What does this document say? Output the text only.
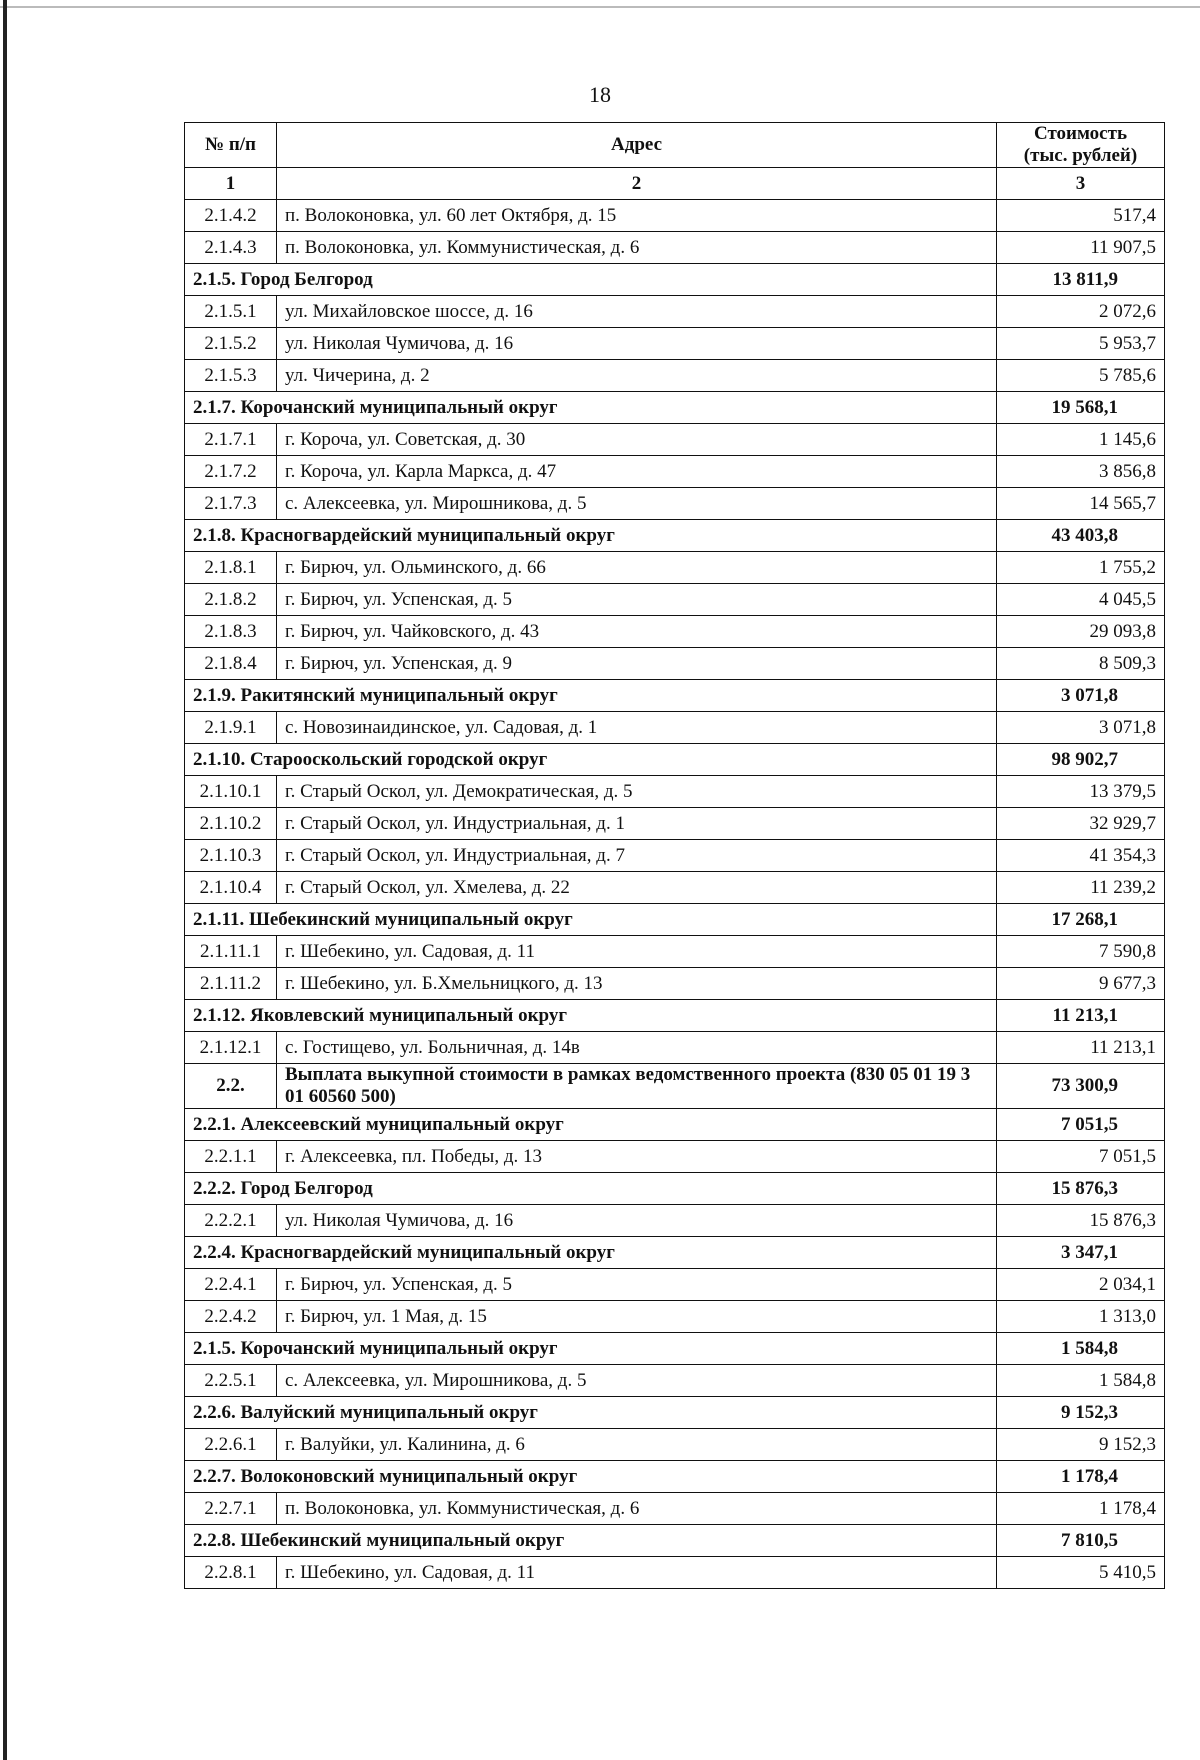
18
№ п/п	Адрес	Стоимость
(тыс. рублей)
1	2	3
2.1.4.2	п. Волоконовка, ул. 60 лет Октября, д. 15	517,4
2.1.4.3	п. Волоконовка, ул. Коммунистическая, д. 6	11 907,5
2.1.5. Город Белгород		13 811,9
2.1.5.1	ул. Михайловское шоссе, д. 16	2 072,6
2.1.5.2	ул. Николая Чумичова, д. 16	5 953,7
2.1.5.3	ул. Чичерина, д. 2	5 785,6
2.1.7. Корочанский муниципальный округ		19 568,1
2.1.7.1	г. Короча, ул. Советская, д. 30	1 145,6
2.1.7.2	г. Короча, ул. Карла Маркса, д. 47	3 856,8
2.1.7.3	с. Алексеевка, ул. Мирошникова, д. 5	14 565,7
2.1.8. Красногвардейский муниципальный округ		43 403,8
2.1.8.1	г. Бирюч, ул. Ольминского, д. 66	1 755,2
2.1.8.2	г. Бирюч, ул. Успенская, д. 5	4 045,5
2.1.8.3	г. Бирюч, ул. Чайковского, д. 43	29 093,8
2.1.8.4	г. Бирюч, ул. Успенская, д. 9	8 509,3
2.1.9. Ракитянский муниципальный округ		3 071,8
2.1.9.1	с. Новозинаидинское, ул. Садовая, д. 1	3 071,8
2.1.10. Старооскольский городской округ		98 902,7
2.1.10.1	г. Старый Оскол, ул. Демократическая, д. 5	13 379,5
2.1.10.2	г. Старый Оскол, ул. Индустриальная, д. 1	32 929,7
2.1.10.3	г. Старый Оскол, ул. Индустриальная, д. 7	41 354,3
2.1.10.4	г. Старый Оскол, ул. Хмелева, д. 22	11 239,2
2.1.11. Шебекинский муниципальный округ		17 268,1
2.1.11.1	г. Шебекино, ул. Садовая, д. 11	7 590,8
2.1.11.2	г. Шебекино, ул. Б.Хмельницкого, д. 13	9 677,3
2.1.12. Яковлевский муниципальный округ		11 213,1
2.1.12.1	с. Гостищево, ул. Больничная, д. 14в	11 213,1
2.2.	Выплата выкупной стоимости в рамках ведомственного проекта (830 05 01 19 3 01 60560 500)	73 300,9
2.2.1. Алексеевский муниципальный округ		7 051,5
2.2.1.1	г. Алексеевка, пл. Победы, д. 13	7 051,5
2.2.2. Город Белгород		15 876,3
2.2.2.1	ул. Николая Чумичова, д. 16	15 876,3
2.2.4. Красногвардейский муниципальный округ		3 347,1
2.2.4.1	г. Бирюч, ул. Успенская, д. 5	2 034,1
2.2.4.2	г. Бирюч, ул. 1 Мая, д. 15	1 313,0
2.1.5. Корочанский муниципальный округ		1 584,8
2.2.5.1	с. Алексеевка, ул. Мирошникова, д. 5	1 584,8
2.2.6. Валуйский муниципальный округ		9 152,3
2.2.6.1	г. Валуйки, ул. Калинина, д. 6	9 152,3
2.2.7. Волоконовский муниципальный округ		1 178,4
2.2.7.1	п. Волоконовка, ул. Коммунистическая, д. 6	1 178,4
2.2.8. Шебекинский муниципальный округ		7 810,5
2.2.8.1	г. Шебекино, ул. Садовая, д. 11	5 410,5
